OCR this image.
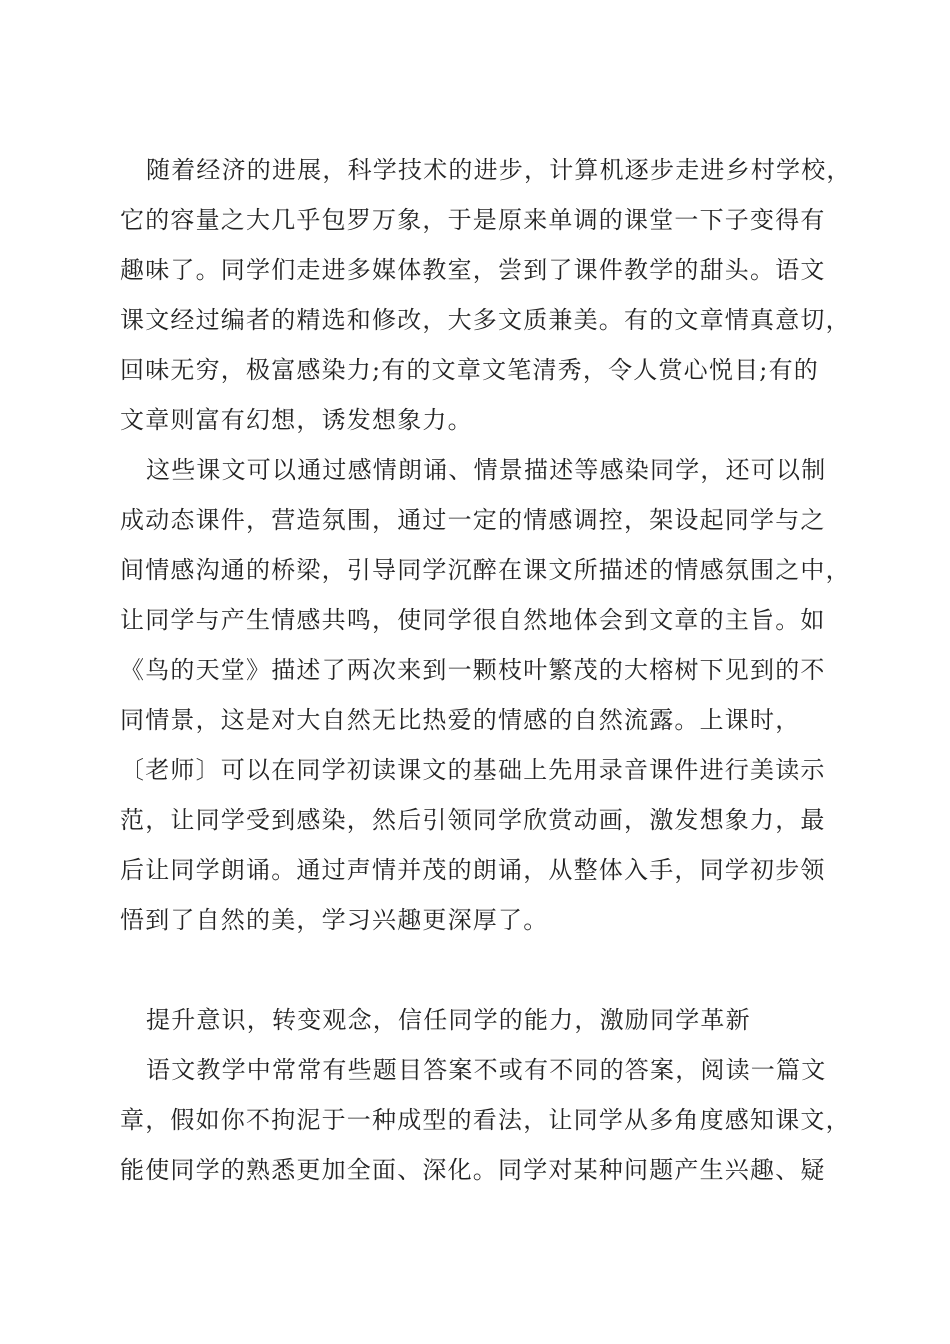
随着经济的进展，科学技术的进步，计算机逐步走进乡村学校，
它的容量之大几乎包罗万象，于是原来单调的课堂一下子变得有
趣味了。同学们走进多媒体教室，尝到了课件教学的甜头。语文
课文经过编者的精选和修改，大多文质兼美。有的文章情真意切，
回味无穷，极富感染力;有的文章文笔清秀，令人赏心悦目;有的
文章则富有幻想，诱发想象力。
这些课文可以通过感情朗诵、情景描述等感染同学，还可以制
成动态课件，营造氛围，通过一定的情感调控，架设起同学与之
间情感沟通的桥梁，引导同学沉醉在课文所描述的情感氛围之中，
让同学与产生情感共鸣，使同学很自然地体会到文章的主旨。如
《鸟的天堂》描述了两次来到一颗枝叶繁茂的大榕树下见到的不
同情景，这是对大自然无比热爱的情感的自然流露。上课时，
〔老师〕可以在同学初读课文的基础上先用录音课件进行美读示
范，让同学受到感染，然后引领同学欣赏动画，激发想象力，最
后让同学朗诵。通过声情并茂的朗诵，从整体入手，同学初步领
悟到了自然的美，学习兴趣更深厚了。
提升意识，转变观念，信任同学的能力，激励同学革新
语文教学中常常有些题目答案不或有不同的答案，阅读一篇文
章，假如你不拘泥于一种成型的看法，让同学从多角度感知课文，
能使同学的熟悉更加全面、深化。同学对某种问题产生兴趣、疑
